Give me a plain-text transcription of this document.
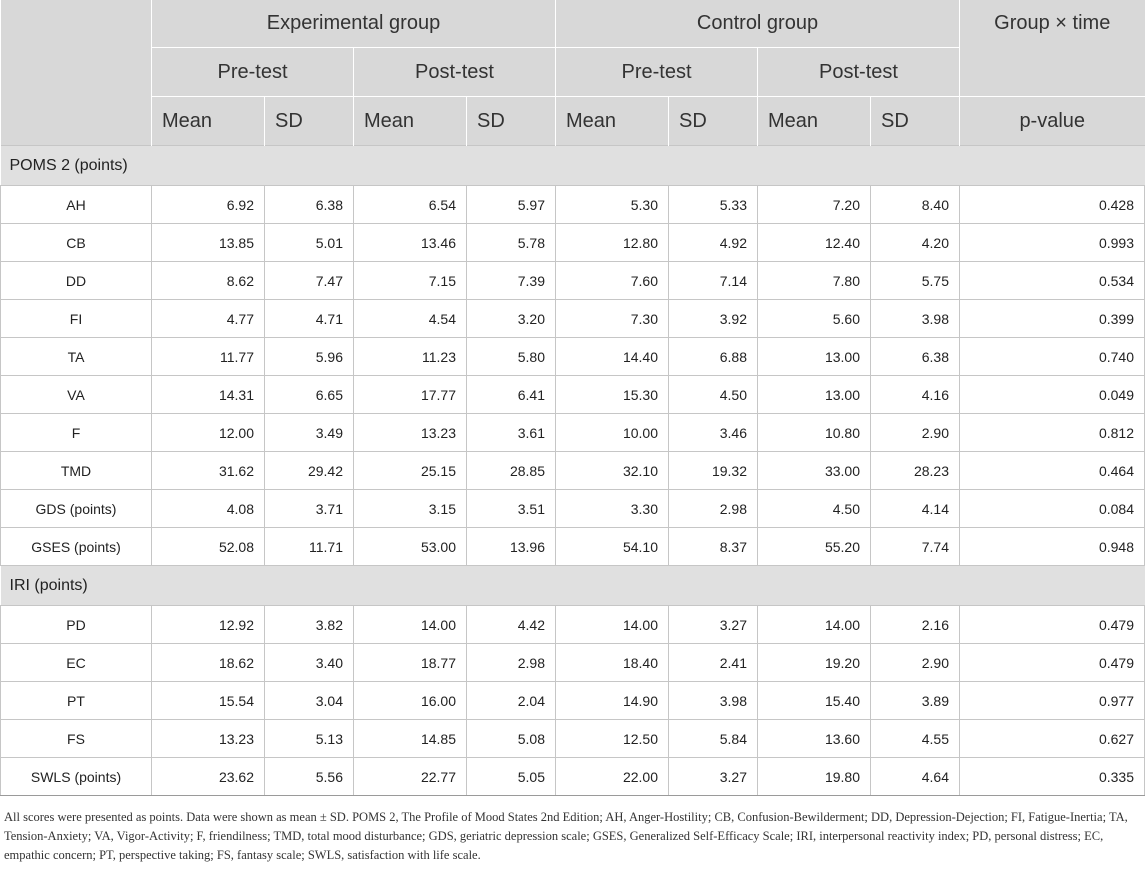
	Experimental group				Control group				Group × time
	Pre-test		Post-test		Pre-test		Post-test		
	Mean	SD	Mean	SD	Mean	SD	Mean	SD	p-value
POMS 2 (points)									
AH	6.92	6.38	6.54	5.97	5.30	5.33	7.20	8.40	0.428
CB	13.85	5.01	13.46	5.78	12.80	4.92	12.40	4.20	0.993
DD	8.62	7.47	7.15	7.39	7.60	7.14	7.80	5.75	0.534
FI	4.77	4.71	4.54	3.20	7.30	3.92	5.60	3.98	0.399
TA	11.77	5.96	11.23	5.80	14.40	6.88	13.00	6.38	0.740
VA	14.31	6.65	17.77	6.41	15.30	4.50	13.00	4.16	0.049
F	12.00	3.49	13.23	3.61	10.00	3.46	10.80	2.90	0.812
TMD	31.62	29.42	25.15	28.85	32.10	19.32	33.00	28.23	0.464
GDS (points)	4.08	3.71	3.15	3.51	3.30	2.98	4.50	4.14	0.084
GSES (points)	52.08	11.71	53.00	13.96	54.10	8.37	55.20	7.74	0.948
IRI (points)									
PD	12.92	3.82	14.00	4.42	14.00	3.27	14.00	2.16	0.479
EC	18.62	3.40	18.77	2.98	18.40	2.41	19.20	2.90	0.479
PT	15.54	3.04	16.00	2.04	14.90	3.98	15.40	3.89	0.977
FS	13.23	5.13	14.85	5.08	12.50	5.84	13.60	4.55	0.627
SWLS (points)	23.62	5.56	22.77	5.05	22.00	3.27	19.80	4.64	0.335

All scores were presented as points. Data were shown as mean ± SD. POMS 2, The Profile of Mood States 2nd Edition; AH, Anger-Hostility; CB, Confusion-Bewilderment; DD, Depression-Dejection; FI, Fatigue-Inertia; TA, Tension-Anxiety; VA, Vigor-Activity; F, friendilness; TMD, total mood disturbance; GDS, geriatric depression scale; GSES, Generalized Self-Efficacy Scale; IRI, interpersonal reactivity index; PD, personal distress; EC, empathic concern; PT, perspective taking; FS, fantasy scale; SWLS, satisfaction with life scale.
